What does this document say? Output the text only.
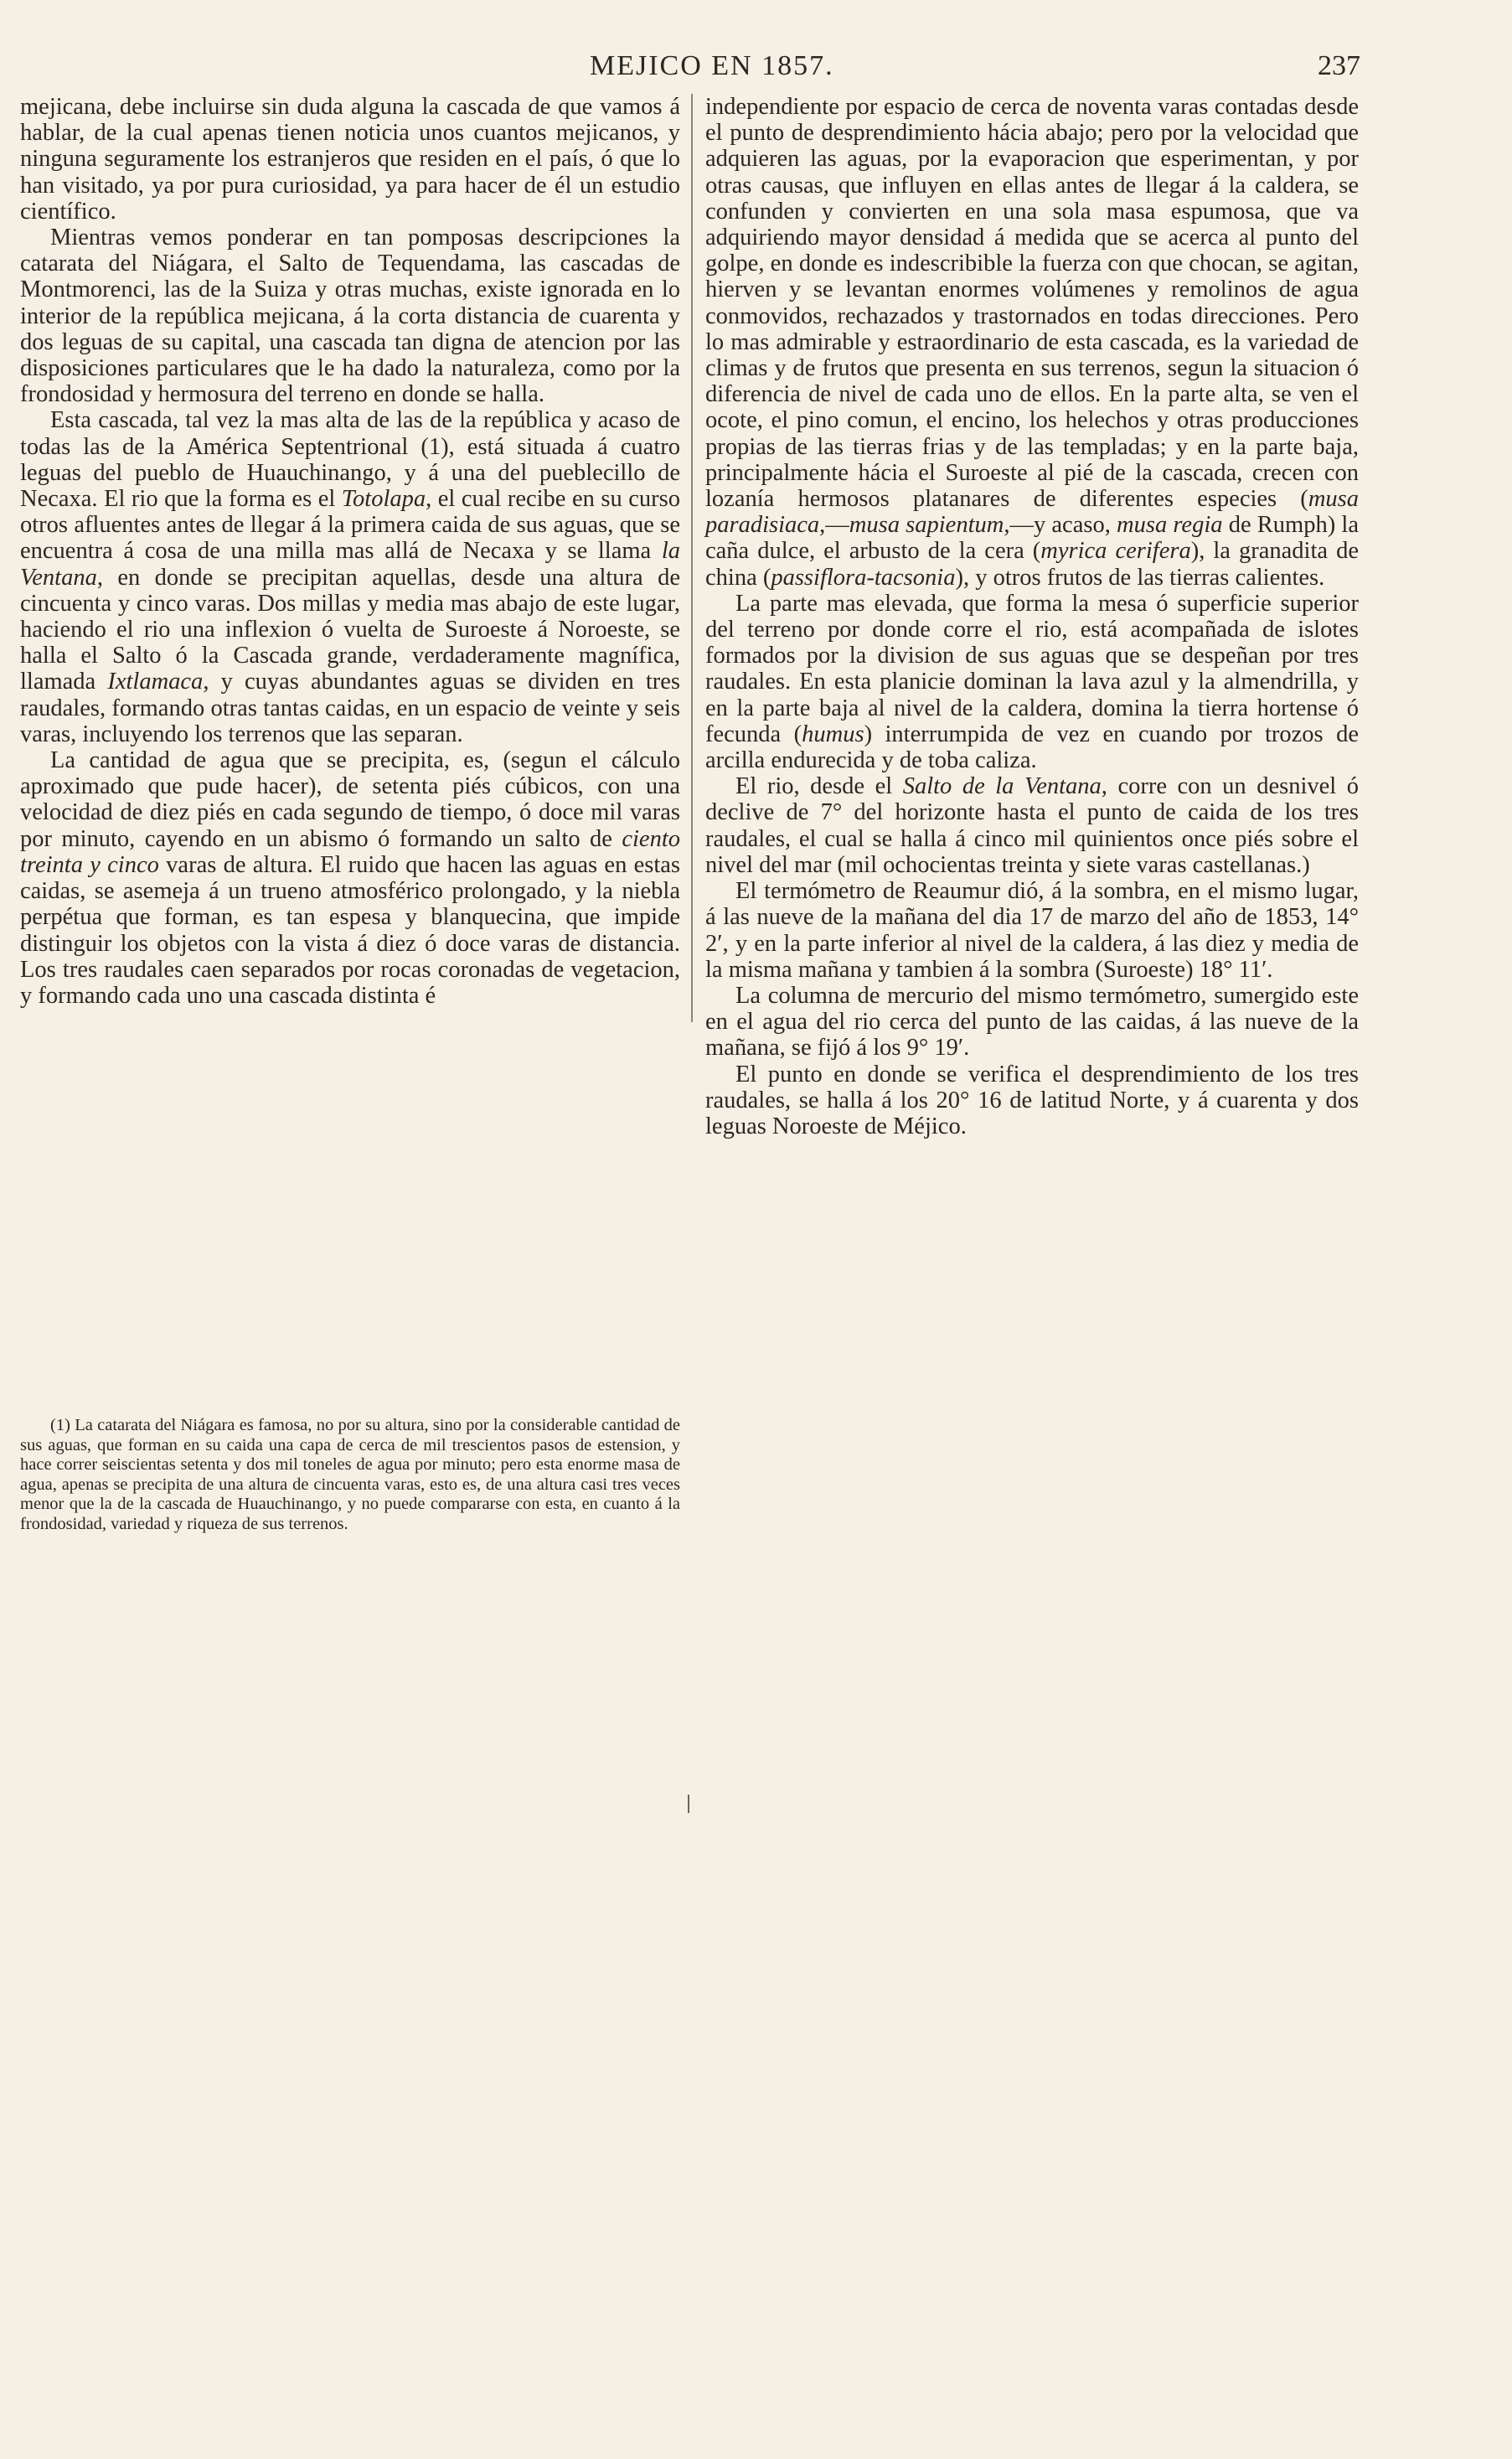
MEJICO EN 1857.	237

mejicana, debe incluirse sin duda alguna la cascada de que vamos á hablar, de la cual apenas tienen noticia unos cuantos mejicanos, y ninguna seguramente los estranjeros que residen en el país, ó que lo han visitado, ya por pura curiosidad, ya para hacer de él un estudio científico.

Mientras vemos ponderar en tan pomposas descripciones la catarata del Niágara, el Salto de Tequendama, las cascadas de Montmorenci, las de la Suiza y otras muchas, existe ignorada en lo interior de la república mejicana, á la corta distancia de cuarenta y dos leguas de su capital, una cascada tan digna de atencion por las disposiciones particulares que le ha dado la naturaleza, como por la frondosidad y hermosura del terreno en donde se halla.

Esta cascada, tal vez la mas alta de las de la república y acaso de todas las de la América Septentrional (1), está situada á cuatro leguas del pueblo de Huauchinango, y á una del pueblecillo de Necaxa. El rio que la forma es el Totolapa, el cual recibe en su curso otros afluentes antes de llegar á la primera caida de sus aguas, que se encuentra á cosa de una milla mas allá de Necaxa y se llama la Ventana, en donde se precipitan aquellas, desde una altura de cincuenta y cinco varas. Dos millas y media mas abajo de este lugar, haciendo el rio una inflexion ó vuelta de Suroeste á Noroeste, se halla el Salto ó la Cascada grande, verdaderamente magnífica, llamada Ixtlamaca, y cuyas abundantes aguas se dividen en tres raudales, formando otras tantas caidas, en un espacio de veinte y seis varas, incluyendo los terrenos que las separan.

La cantidad de agua que se precipita, es, (segun el cálculo aproximado que pude hacer), de setenta piés cúbicos, con una velocidad de diez piés en cada segundo de tiempo, ó doce mil varas por minuto, cayendo en un abismo ó formando un salto de ciento treinta y cinco varas de altura. El ruido que hacen las aguas en estas caidas, se asemeja á un trueno atmosférico prolongado, y la niebla perpétua que forman, es tan espesa y blanquecina, que impide distinguir los objetos con la vista á diez ó doce varas de distancia. Los tres raudales caen separados por rocas coronadas de vegetacion, y formando cada uno una cascada distinta é

(1) La catarata del Niágara es famosa, no por su altura, sino por la considerable cantidad de sus aguas, que forman en su caida una capa de cerca de mil trescientos pasos de estension, y hace correr seiscientas setenta y dos mil toneles de agua por minuto; pero esta enorme masa de agua, apenas se precipita de una altura de cincuenta varas, esto es, de una altura casi tres veces menor que la de la cascada de Huauchinango, y no puede compararse con esta, en cuanto á la frondosidad, variedad y riqueza de sus terrenos.

independiente por espacio de cerca de noventa varas contadas desde el punto de desprendimiento hácia abajo; pero por la velocidad que adquieren las aguas, por la evaporacion que esperimentan, y por otras causas, que influyen en ellas antes de llegar á la caldera, se confunden y convierten en una sola masa espumosa, que va adquiriendo mayor densidad á medida que se acerca al punto del golpe, en donde es indescribible la fuerza con que chocan, se agitan, hierven y se levantan enormes volúmenes y remolinos de agua conmovidos, rechazados y trastornados en todas direcciones. Pero lo mas admirable y estraordinario de esta cascada, es la variedad de climas y de frutos que presenta en sus terrenos, segun la situacion ó diferencia de nivel de cada uno de ellos. En la parte alta, se ven el ocote, el pino comun, el encino, los helechos y otras producciones propias de las tierras frias y de las templadas; y en la parte baja, principalmente hácia el Suroeste al pié de la cascada, crecen con lozanía hermosos platanares de diferentes especies (musa paradisiaca,—musa sapientum,—y acaso, musa regia de Rumph) la caña dulce, el arbusto de la cera (myrica cerifera), la granadita de china (passiflora-tacsonia), y otros frutos de las tierras calientes.

La parte mas elevada, que forma la mesa ó superficie superior del terreno por donde corre el rio, está acompañada de islotes formados por la division de sus aguas que se despeñan por tres raudales. En esta planicie dominan la lava azul y la almendrilla, y en la parte baja al nivel de la caldera, domina la tierra hortense ó fecunda (humus) interrumpida de vez en cuando por trozos de arcilla endurecida y de toba caliza.

El rio, desde el Salto de la Ventana, corre con un desnivel ó declive de 7° del horizonte hasta el punto de caida de los tres raudales, el cual se halla á cinco mil quinientos once piés sobre el nivel del mar (mil ochocientas treinta y siete varas castellanas.)

El termómetro de Reaumur dió, á la sombra, en el mismo lugar, á las nueve de la mañana del dia 17 de marzo del año de 1853, 14° 2′, y en la parte inferior al nivel de la caldera, á las diez y media de la misma mañana y tambien á la sombra (Suroeste) 18° 11′.

La columna de mercurio del mismo termómetro, sumergido este en el agua del rio cerca del punto de las caidas, á las nueve de la mañana, se fijó á los 9° 19′.

El punto en donde se verifica el desprendimiento de los tres raudales, se halla á los 20° 16 de latitud Norte, y á cuarenta y dos leguas Noroeste de Méjico.
